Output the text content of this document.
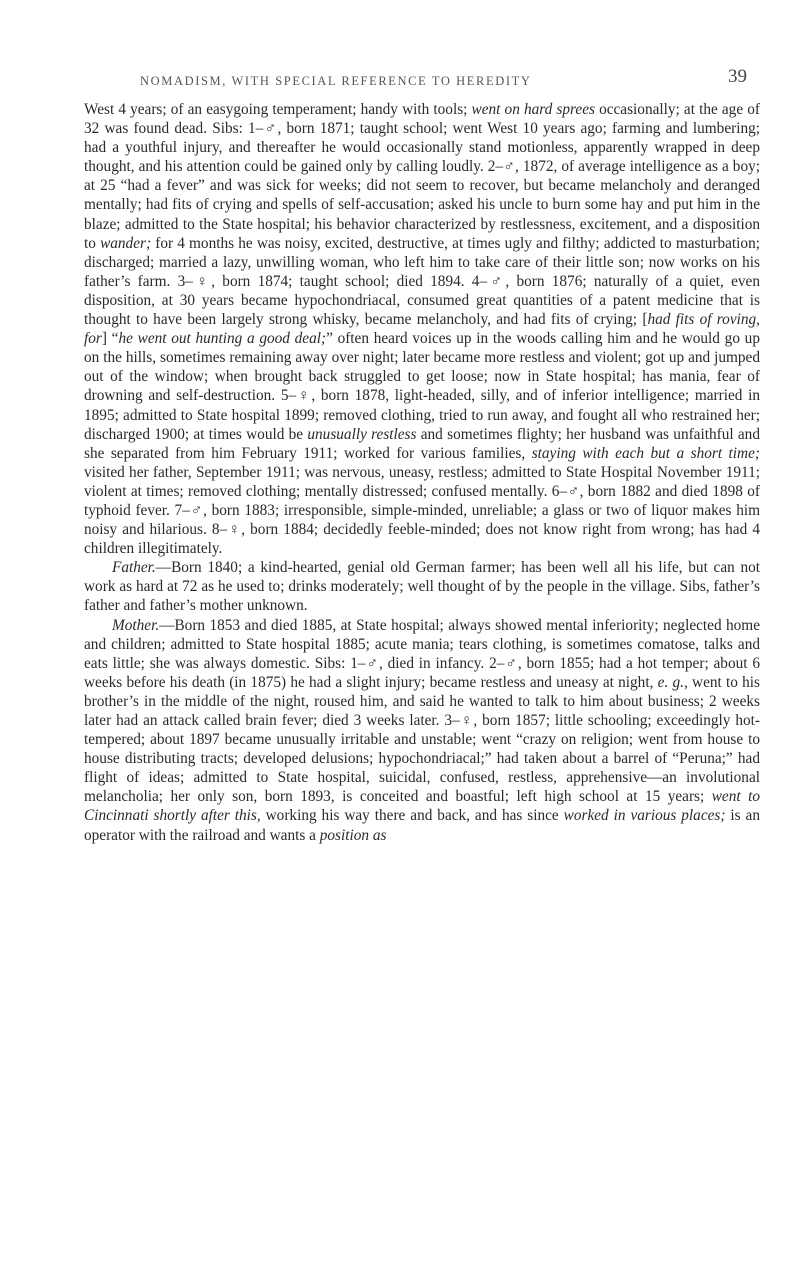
NOMADISM, WITH SPECIAL REFERENCE TO HEREDITY	39

West 4 years; of an easygoing temperament; handy with tools; went on hard sprees occasionally; at the age of 32 was found dead. Sibs: 1–♂, born 1871; taught school; went West 10 years ago; farming and lumbering; had a youthful injury, and thereafter he would occasionally stand motionless, apparently wrapped in deep thought, and his attention could be gained only by calling loudly. 2–♂, 1872, of average intelligence as a boy; at 25 “had a fever” and was sick for weeks; did not seem to recover, but became melancholy and deranged mentally; had fits of crying and spells of self-accusation; asked his uncle to burn some hay and put him in the blaze; admitted to the State hospital; his behavior characterized by restlessness, excitement, and a disposition to wander; for 4 months he was noisy, excited, destructive, at times ugly and filthy; addicted to masturbation; discharged; married a lazy, unwilling woman, who left him to take care of their little son; now works on his father’s farm. 3–♀, born 1874; taught school; died 1894. 4–♂, born 1876; naturally of a quiet, even disposition, at 30 years became hypochondriacal, consumed great quantities of a patent medicine that is thought to have been largely strong whisky, became melancholy, and had fits of crying; [had fits of roving, for] “he went out hunting a good deal;” often heard voices up in the woods calling him and he would go up on the hills, sometimes remaining away over night; later became more restless and violent; got up and jumped out of the window; when brought back struggled to get loose; now in State hospital; has mania, fear of drowning and self-destruction. 5–♀, born 1878, light-headed, silly, and of inferior intelligence; married in 1895; admitted to State hospital 1899; removed clothing, tried to run away, and fought all who restrained her; discharged 1900; at times would be unusually restless and sometimes flighty; her husband was unfaithful and she separated from him February 1911; worked for various families, staying with each but a short time; visited her father, September 1911; was nervous, uneasy, restless; admitted to State Hospital November 1911; violent at times; removed clothing; mentally distressed; confused mentally. 6–♂, born 1882 and died 1898 of typhoid fever. 7–♂, born 1883; irresponsible, simple-minded, unreliable; a glass or two of liquor makes him noisy and hilarious. 8–♀, born 1884; decidedly feeble-minded; does not know right from wrong; has had 4 children illegitimately.

Father.—Born 1840; a kind-hearted, genial old German farmer; has been well all his life, but can not work as hard at 72 as he used to; drinks moderately; well thought of by the people in the village. Sibs, father’s father and father’s mother unknown.

Mother.—Born 1853 and died 1885, at State hospital; always showed mental inferiority; neglected home and children; admitted to State hospital 1885; acute mania; tears clothing, is sometimes comatose, talks and eats little; she was always domestic. Sibs: 1–♂, died in infancy. 2–♂, born 1855; had a hot temper; about 6 weeks before his death (in 1875) he had a slight injury; became restless and uneasy at night, e. g., went to his brother’s in the middle of the night, roused him, and said he wanted to talk to him about business; 2 weeks later had an attack called brain fever; died 3 weeks later. 3–♀, born 1857; little schooling; exceedingly hot-tempered; about 1897 became unusually irritable and unstable; went “crazy on religion; went from house to house distributing tracts; developed delusions; hypochondriacal;” had taken about a barrel of “Peruna;” had flight of ideas; admitted to State hospital, suicidal, confused, restless, apprehensive—an involutional melancholia; her only son, born 1893, is conceited and boastful; left high school at 15 years; went to Cincinnati shortly after this, working his way there and back, and has since worked in various places; is an operator with the railroad and wants a position as
